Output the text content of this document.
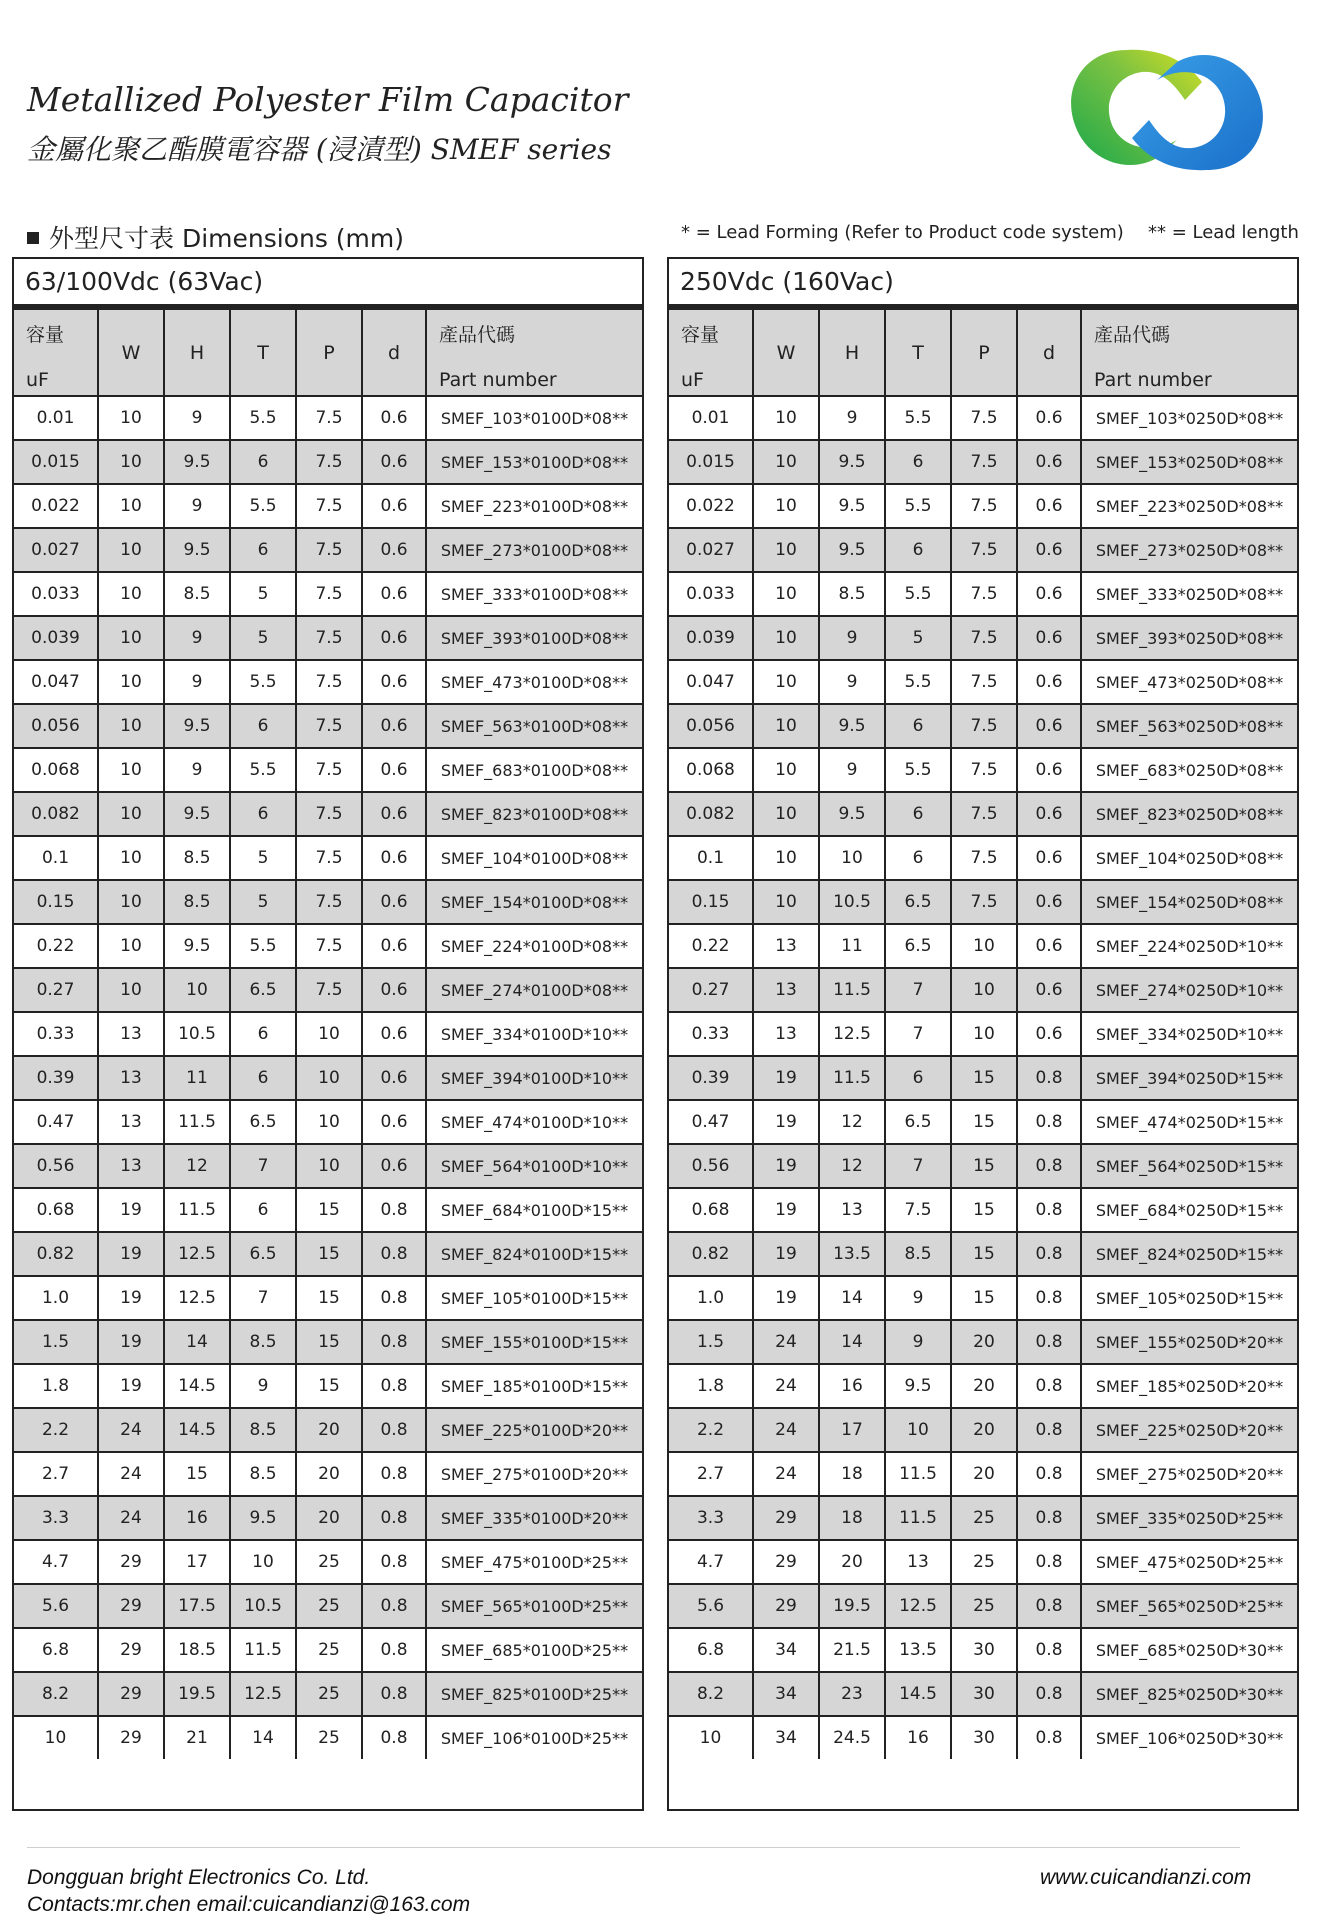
Metallized Polyester Film Capacitor
金屬化聚乙酯膜電容器 (浸漬型) SMEF series
外型尺寸表 Dimensions (mm)	* = Lead Forming (Refer to Product code system) ** = Lead length
63/100Vdc (63Vac)
容量
uF	W	H	T	P	d	產品代碼
Part number

0.01	10	9	5.5	7.5	0.6	SMEF_103*0100D*08**
0.015	10	9.5	6	7.5	0.6	SMEF_153*0100D*08**
0.022	10	9	5.5	7.5	0.6	SMEF_223*0100D*08**
0.027	10	9.5	6	7.5	0.6	SMEF_273*0100D*08**
0.033	10	8.5	5	7.5	0.6	SMEF_333*0100D*08**
0.039	10	9	5	7.5	0.6	SMEF_393*0100D*08**
0.047	10	9	5.5	7.5	0.6	SMEF_473*0100D*08**
0.056	10	9.5	6	7.5	0.6	SMEF_563*0100D*08**
0.068	10	9	5.5	7.5	0.6	SMEF_683*0100D*08**
0.082	10	9.5	6	7.5	0.6	SMEF_823*0100D*08**
0.1	10	8.5	5	7.5	0.6	SMEF_104*0100D*08**
0.15	10	8.5	5	7.5	0.6	SMEF_154*0100D*08**
0.22	10	9.5	5.5	7.5	0.6	SMEF_224*0100D*08**
0.27	10	10	6.5	7.5	0.6	SMEF_274*0100D*08**
0.33	13	10.5	6	10	0.6	SMEF_334*0100D*10**
0.39	13	11	6	10	0.6	SMEF_394*0100D*10**
0.47	13	11.5	6.5	10	0.6	SMEF_474*0100D*10**
0.56	13	12	7	10	0.6	SMEF_564*0100D*10**
0.68	19	11.5	6	15	0.8	SMEF_684*0100D*15**
0.82	19	12.5	6.5	15	0.8	SMEF_824*0100D*15**
1.0	19	12.5	7	15	0.8	SMEF_105*0100D*15**
1.5	19	14	8.5	15	0.8	SMEF_155*0100D*15**
1.8	19	14.5	9	15	0.8	SMEF_185*0100D*15**
2.2	24	14.5	8.5	20	0.8	SMEF_225*0100D*20**
2.7	24	15	8.5	20	0.8	SMEF_275*0100D*20**
3.3	24	16	9.5	20	0.8	SMEF_335*0100D*20**
4.7	29	17	10	25	0.8	SMEF_475*0100D*25**
5.6	29	17.5	10.5	25	0.8	SMEF_565*0100D*25**
6.8	29	18.5	11.5	25	0.8	SMEF_685*0100D*25**
8.2	29	19.5	12.5	25	0.8	SMEF_825*0100D*25**
10	29	21	14	25	0.8	SMEF_106*0100D*25**
250Vdc (160Vac)
容量
uF	W	H	T	P	d	產品代碼
Part number

0.01	10	9	5.5	7.5	0.6	SMEF_103*0250D*08**
0.015	10	9.5	6	7.5	0.6	SMEF_153*0250D*08**
0.022	10	9.5	5.5	7.5	0.6	SMEF_223*0250D*08**
0.027	10	9.5	6	7.5	0.6	SMEF_273*0250D*08**
0.033	10	8.5	5.5	7.5	0.6	SMEF_333*0250D*08**
0.039	10	9	5	7.5	0.6	SMEF_393*0250D*08**
0.047	10	9	5.5	7.5	0.6	SMEF_473*0250D*08**
0.056	10	9.5	6	7.5	0.6	SMEF_563*0250D*08**
0.068	10	9	5.5	7.5	0.6	SMEF_683*0250D*08**
0.082	10	9.5	6	7.5	0.6	SMEF_823*0250D*08**
0.1	10	10	6	7.5	0.6	SMEF_104*0250D*08**
0.15	10	10.5	6.5	7.5	0.6	SMEF_154*0250D*08**
0.22	13	11	6.5	10	0.6	SMEF_224*0250D*10**
0.27	13	11.5	7	10	0.6	SMEF_274*0250D*10**
0.33	13	12.5	7	10	0.6	SMEF_334*0250D*10**
0.39	19	11.5	6	15	0.8	SMEF_394*0250D*15**
0.47	19	12	6.5	15	0.8	SMEF_474*0250D*15**
0.56	19	12	7	15	0.8	SMEF_564*0250D*15**
0.68	19	13	7.5	15	0.8	SMEF_684*0250D*15**
0.82	19	13.5	8.5	15	0.8	SMEF_824*0250D*15**
1.0	19	14	9	15	0.8	SMEF_105*0250D*15**
1.5	24	14	9	20	0.8	SMEF_155*0250D*20**
1.8	24	16	9.5	20	0.8	SMEF_185*0250D*20**
2.2	24	17	10	20	0.8	SMEF_225*0250D*20**
2.7	24	18	11.5	20	0.8	SMEF_275*0250D*20**
3.3	29	18	11.5	25	0.8	SMEF_335*0250D*25**
4.7	29	20	13	25	0.8	SMEF_475*0250D*25**
5.6	29	19.5	12.5	25	0.8	SMEF_565*0250D*25**
6.8	34	21.5	13.5	30	0.8	SMEF_685*0250D*30**
8.2	34	23	14.5	30	0.8	SMEF_825*0250D*30**
10	34	24.5	16	30	0.8	SMEF_106*0250D*30**
Dongguan bright Electronics Co. Ltd.
Contacts:mr.chen email:cuicandianzi@163.com
www.cuicandianzi.com
